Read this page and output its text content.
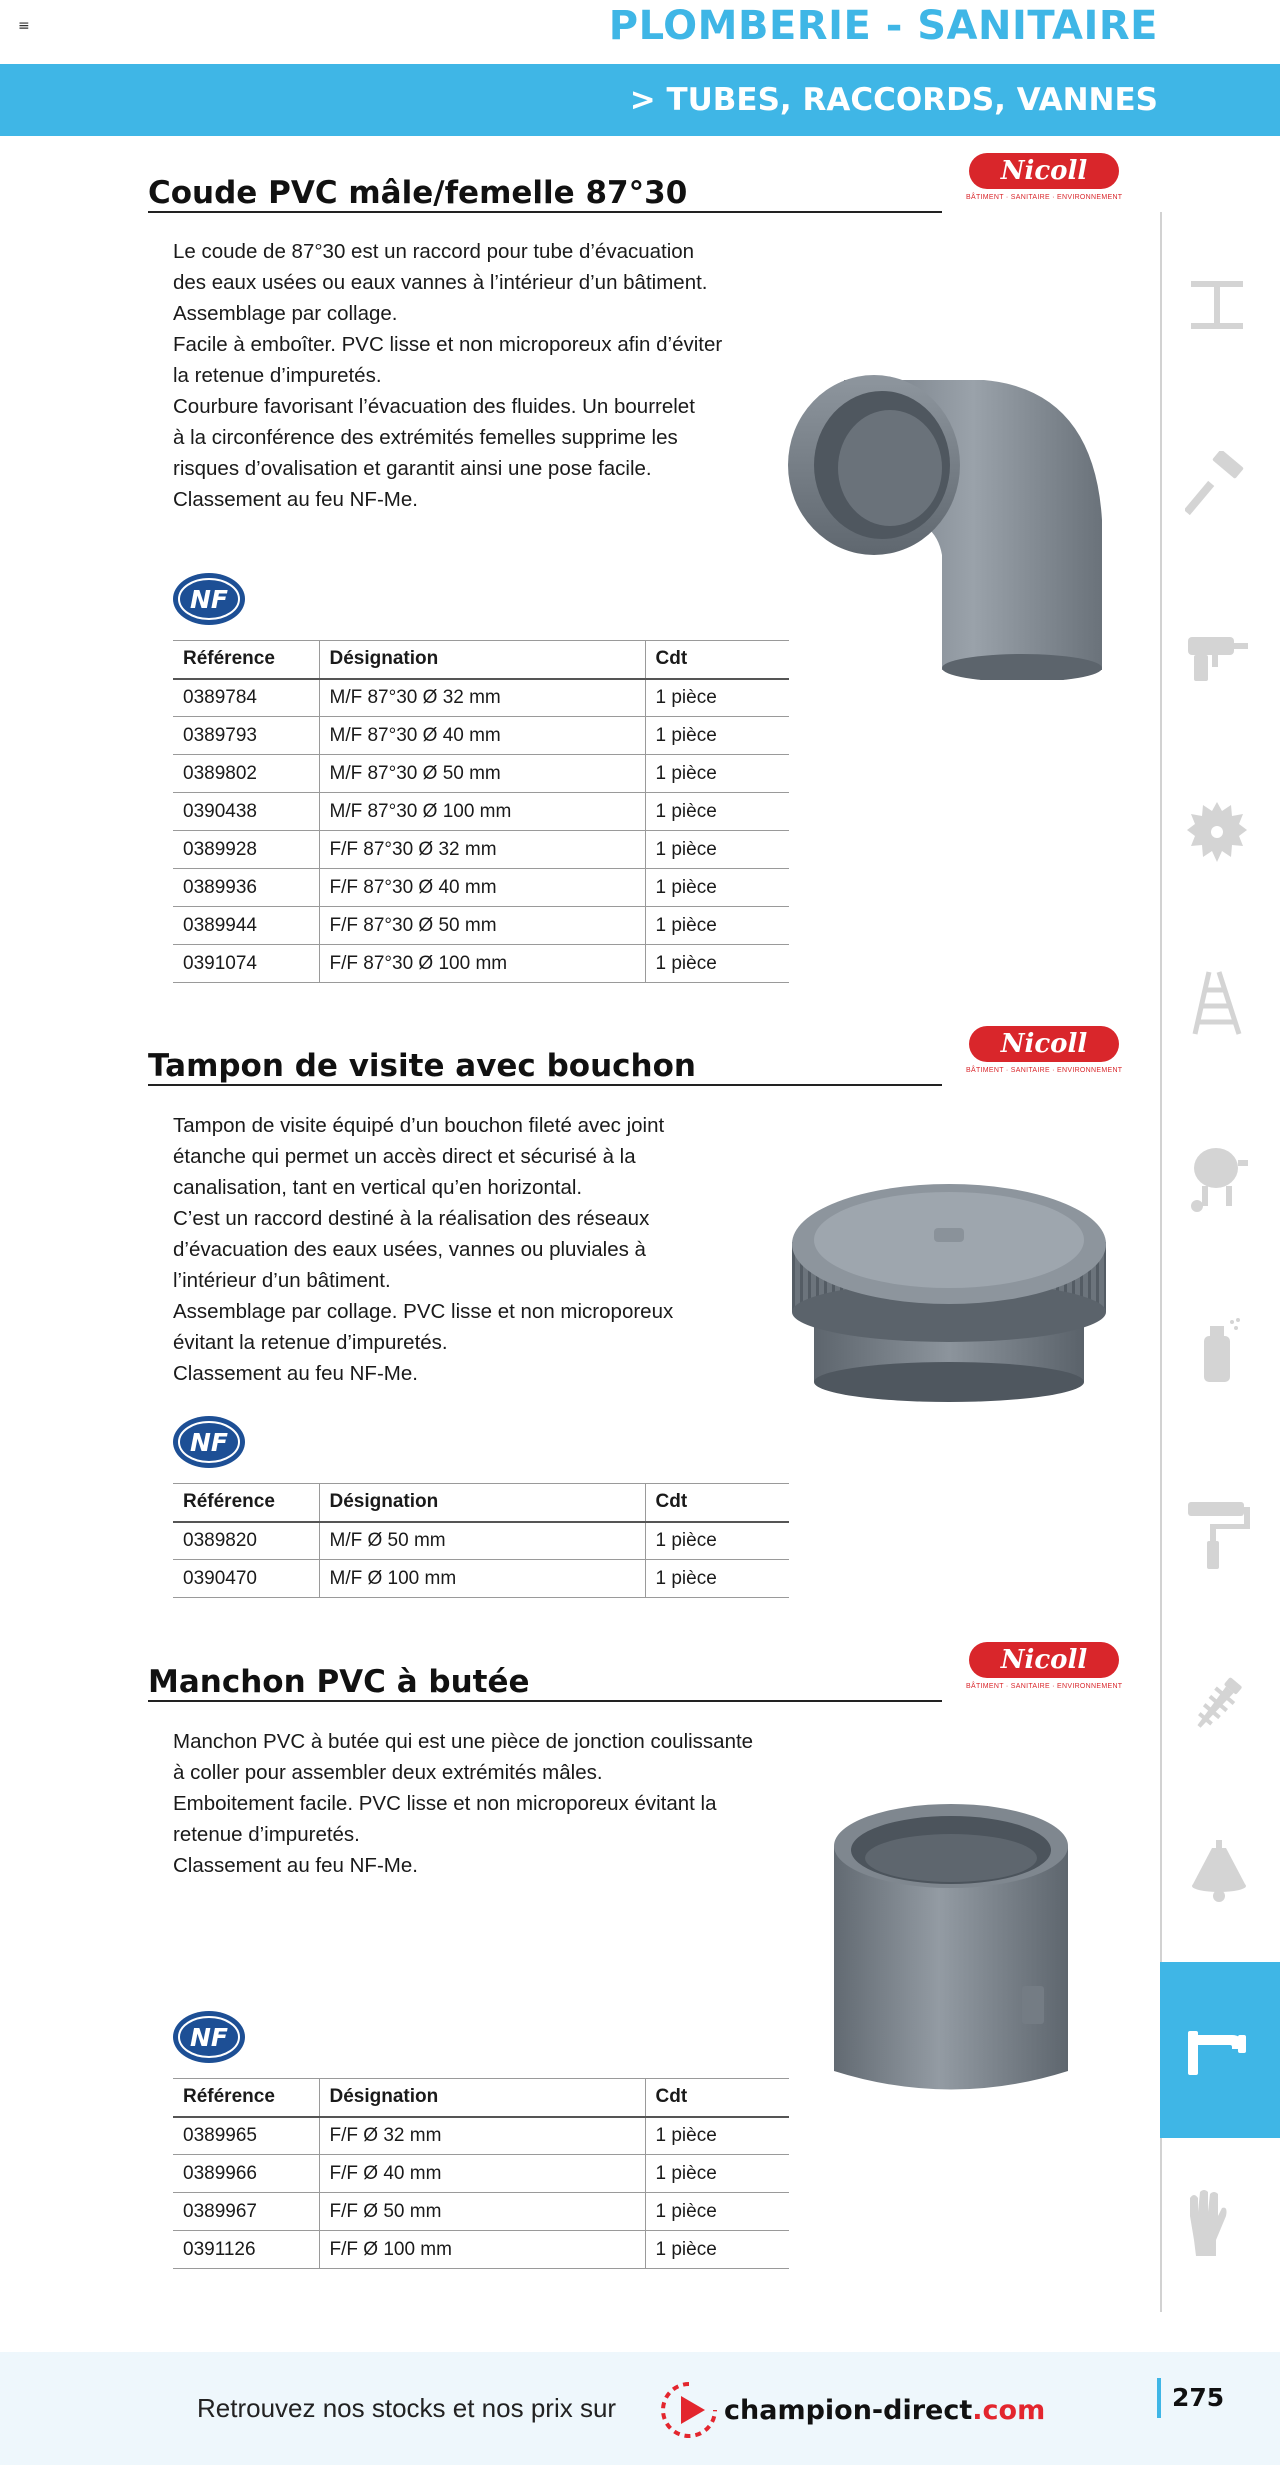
≡	PLOMBERIE - SANITAIRE
> TUBES, RACCORDS, VANNES
Coude PVC mâle/femelle 87°30
Nicoll
BÂTIMENT · SANITAIRE · ENVIRONNEMENT

Le coude de 87°30 est un raccord pour tube d’évacuation

des eaux usées ou eaux vannes à l’intérieur d’un bâtiment.

Assemblage par collage.

Facile à emboîter. PVC lisse et non microporeux afin d’éviter

la retenue d’impuretés.

Courbure favorisant l’évacuation des fluides. Un bourrelet

à la circonférence des extrémités femelles supprime les

risques d’ovalisation et garantit ainsi une pose facile.

Classement au feu NF-Me.

NF
Référence	Désignation	Cdt
0389784	M/F 87°30 Ø 32 mm	1 pièce
0389793	M/F 87°30 Ø 40 mm	1 pièce
0389802	M/F 87°30 Ø 50 mm	1 pièce
0390438	M/F 87°30 Ø 100 mm	1 pièce
0389928	F/F 87°30 Ø 32 mm	1 pièce
0389936	F/F 87°30 Ø 40 mm	1 pièce
0389944	F/F 87°30 Ø 50 mm	1 pièce
0391074	F/F 87°30 Ø 100 mm	1 pièce
Tampon de visite avec bouchon
Nicoll
BÂTIMENT · SANITAIRE · ENVIRONNEMENT

Tampon de visite équipé d’un bouchon fileté avec joint

étanche qui permet un accès direct et sécurisé à la

canalisation, tant en vertical qu’en horizontal.

C’est un raccord destiné à la réalisation des réseaux

d’évacuation des eaux usées, vannes ou pluviales à

l’intérieur d’un bâtiment.

Assemblage par collage. PVC lisse et non microporeux

évitant la retenue d’impuretés.

Classement au feu NF-Me.

NF
Référence	Désignation	Cdt
0389820	M/F Ø 50 mm	1 pièce
0390470	M/F Ø 100 mm	1 pièce
Manchon PVC à butée
Nicoll
BÂTIMENT · SANITAIRE · ENVIRONNEMENT

Manchon PVC à butée qui est une pièce de jonction coulissante

à coller pour assembler deux extrémités mâles.

Emboitement facile. PVC lisse et non microporeux évitant la

retenue d’impuretés.

Classement au feu NF-Me.

NF
Référence	Désignation	Cdt
0389965	F/F Ø 32 mm	1 pièce
0389966	F/F Ø 40 mm	1 pièce
0389967	F/F Ø 50 mm	1 pièce
0391126	F/F Ø 100 mm	1 pièce
Retrouvez nos stocks et nos prix sur	champion-direct.com	275
